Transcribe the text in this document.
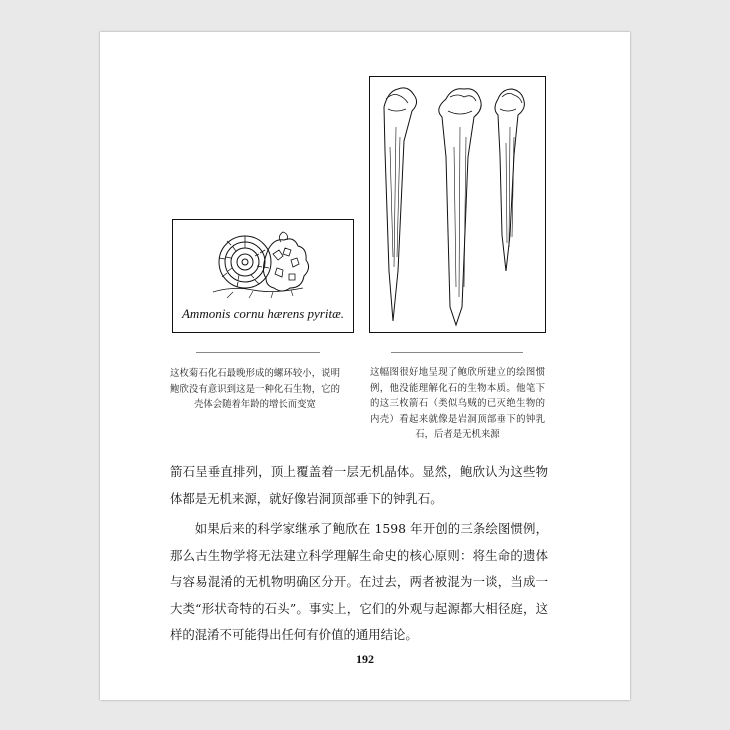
Ammonis cornu hærens pyritæ.
这枚菊石化石最晚形成的螺环较小，说明鲍欣没有意识到这是一种化石生物，它的壳体会随着年龄的增长而变宽
这幅图很好地呈现了鲍欣所建立的绘图惯例，他没能理解化石的生物本质。他笔下的这三枚箭石（类似乌贼的已灭绝生物的内壳）看起来就像是岩洞顶部垂下的钟乳石，后者是无机来源
箭石呈垂直排列，顶上覆盖着一层无机晶体。显然，鲍欣认为这些物体都是无机来源，就好像岩洞顶部垂下的钟乳石。
如果后来的科学家继承了鲍欣在 1598 年开创的三条绘图惯例，那么古生物学将无法建立科学理解生命史的核心原则：将生命的遗体与容易混淆的无机物明确区分开。在过去，两者被混为一谈，当成一大类“形状奇特的石头”。事实上，它们的外观与起源都大相径庭，这样的混淆不可能得出任何有价值的通用结论。
192
